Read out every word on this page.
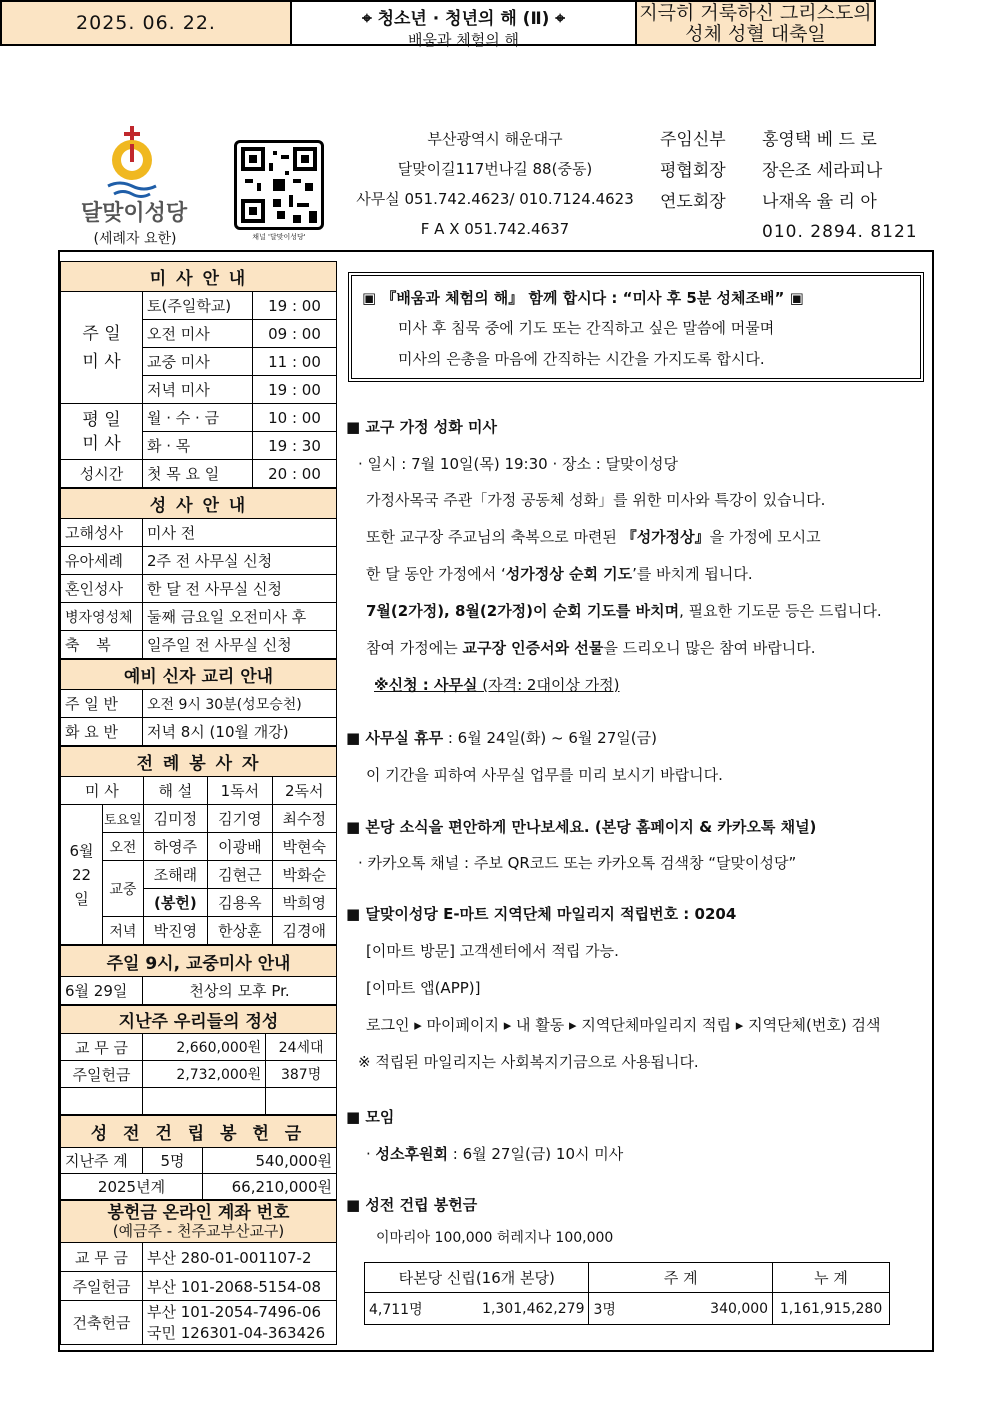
2025. 06. 22.	⌖ 청소년 · 청년의 해 (Ⅱ) ⌖
배움과 체험의 해
지극히 거룩하신 그리스도의
성체 성혈 대축일
달맞이성당
(세례자 요한)	채널 '달맞이성당'
부산광역시 해운대구
달맞이길117번나길 88(중동)
사무실 051.742.4623/ 010.7124.4623
F A X 051.742.4637
주임신부	홍영택 베 드 로
평협회장	장은조 세라피나
연도회장	나재옥 율 리 아
010. 2894. 8121
미 사 안 내		
주 일
미 사	토(주일학교)	19 : 00
	오전 미사	09 : 00
	교중 미사	11 : 00
	저녁 미사	19 : 00
평 일
미 사	월 · 수 · 금	10 : 00
	화 · 목	19 : 30
성시간	첫 목 요 일	20 : 00
성 사 안 내	
고해성사	미사 전
유아세례	2주 전 사무실 신청
혼인성사	한 달 전 사무실 신청
병자영성체	둘째 금요일 오전미사 후
축 복	일주일 전 사무실 신청
예비 신자 교리 안내	
주 일 반	오전 9시 30분(성모승천)
화 요 반	저녁 8시 (10월 개강)
전 례 봉 사 자				
미 사		해 설	1독서	2독서
6월
22일	토요일	김미정	김기영	최수정
	오전	하영주	이광배	박현숙
	교중	조해래	김현근	박화순
		(봉헌)	김용옥	박희영
	저녁	박진영	한상훈	김경애
주일 9시, 교중미사 안내
6월 29일	천상의 모후 Pr.
지난주 우리들의 정성		
교 무 금	2,660,000원	24세대
주일헌금	2,732,000원	387명

성 전 건 립 봉 헌 금		
지난주 계	5명	540,000원
2025년계		66,210,000원
봉헌금 온라인 계좌 번호
(예금주 - 천주교부산교구)	

교 무 금	부산 280-01-001107-2
주일헌금	부산 101-2068-5154-08
건축헌금	부산 101-2054-7496-06
국민 126301-04-363426
▣ 『배움과 체험의 해』 함께 합시다 : “미사 후 5분 성체조배” ▣
미사 후 침묵 중에 기도 또는 간직하고 싶은 말씀에 머물며
미사의 은총을 마음에 간직하는 시간을 가지도록 합시다.
■ 교구 가정 성화 미사
· 일시 : 7월 10일(목) 19:30 · 장소 : 달맞이성당
가정사목국 주관「가정 공동체 성화」를 위한 미사와 특강이 있습니다.
또한 교구장 주교님의 축복으로 마련된 『성가정상』을 가정에 모시고
한 달 동안 가정에서 ‘성가정상 순회 기도’를 바치게 됩니다.
7월(2가정), 8월(2가정)이 순회 기도를 바치며, 필요한 기도문 등은 드립니다.
참여 가정에는 교구장 인증서와 선물을 드리오니 많은 참여 바랍니다.
※신청 : 사무실 (자격: 2대이상 가정)
■ 사무실 휴무 : 6월 24일(화) ~ 6월 27일(금)
이 기간을 피하여 사무실 업무를 미리 보시기 바랍니다.
■ 본당 소식을 편안하게 만나보세요. (본당 홈페이지 & 카카오톡 채널)
· 카카오톡 채널 : 주보 QR코드 또는 카카오톡 검색창 “달맞이성당”
■ 달맞이성당 E-마트 지역단체 마일리지 적립번호 : 0204
[이마트 방문] 고객센터에서 적립 가능.
[이마트 앱(APP)]
로그인 ▸ 마이페이지 ▸ 내 활동 ▸ 지역단체마일리지 적립 ▸ 지역단체(번호) 검색
※ 적립된 마일리지는 사회복지기금으로 사용됩니다.
■ 모임
· 성소후원회 : 6월 27일(금) 10시 미사
■ 성전 건립 봉헌금
이마리아 100,000 허레지나 100,000
타본당 신립(16개 본당)		주 계		누 계
4,711명	1,301,462,279	3명	340,000	1,161,915,280
